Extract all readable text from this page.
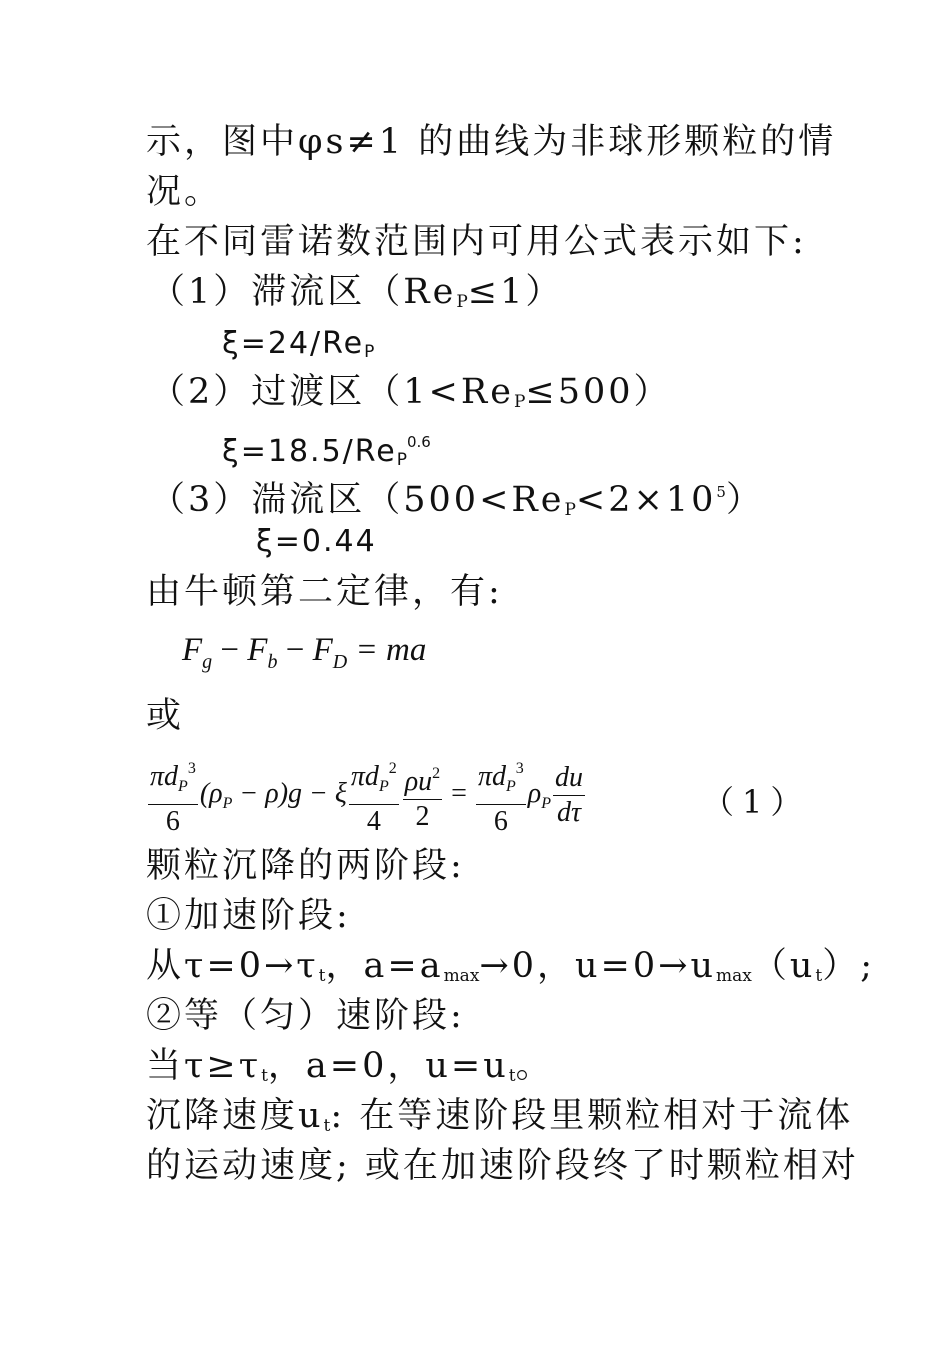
示，图中φs≠1 的曲线为非球形颗粒的情
况。
在不同雷诺数范围内可用公式表示如下:
（1）滞流区$(Re_P\le 1)$
$\xi=24/Re_P$
（2）过渡区$(1<Re_P\le 500)$
$\xi=18.5/Re_P^{0.6}$
（3）湍流区$(500<Re_P<2\times 10^5)$
ξ=0.44
由牛顿第二定律，有:
$F_g - F_b - F_D$ = ma
或
$\frac{\pi d_P^3}{6} (\rho_P - \rho)g - \xi \frac{\pi d_P^2}{4} \frac{\rho u^2}{2} = \frac{\pi d_P^3}{6} \rho_P \frac{du}{d\tau}$	（1）
颗粒沉降的两阶段:
①加速阶段:
从$\tau=0\to\tau_t$，$a=a_{max}\to 0$，$u=0\to u_{max}(u_t)$;
②等（匀）速阶段:
当$\tau\ge\tau_t$，a=0，$u=u_t$。
沉降速度$u_t$: 在等速阶段里颗粒相对于流体
的运动速度; 或在加速阶段终了时颗粒相对
